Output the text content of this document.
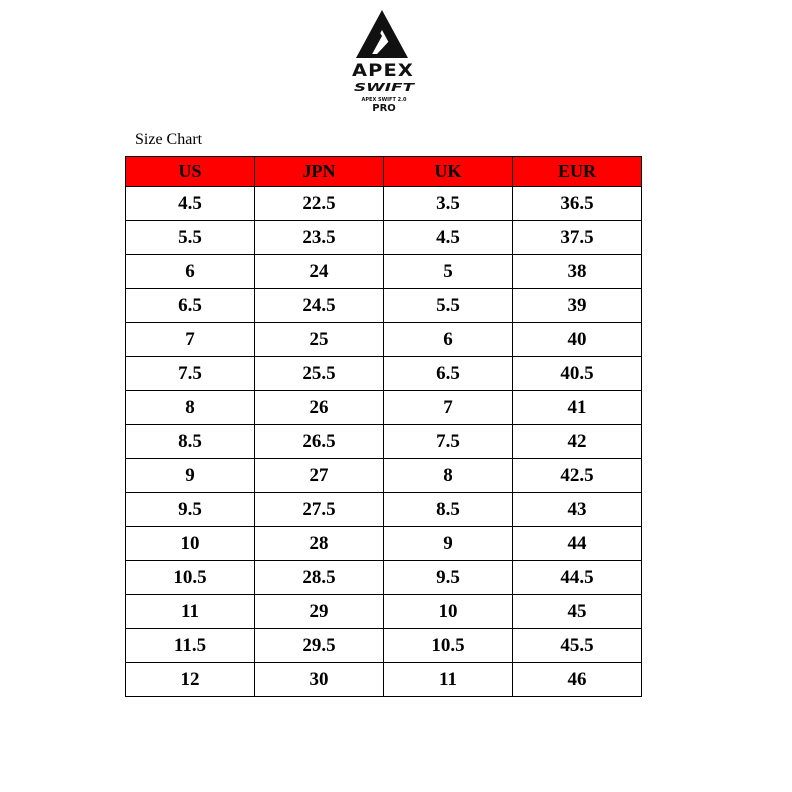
APEX
SWIFT
APEX SWIFT 2.0
PRO
Size Chart
US	JPN	UK	EUR
4.5	22.5	3.5	36.5
5.5	23.5	4.5	37.5
6	24	5	38
6.5	24.5	5.5	39
7	25	6	40
7.5	25.5	6.5	40.5
8	26	7	41
8.5	26.5	7.5	42
9	27	8	42.5
9.5	27.5	8.5	43
10	28	9	44
10.5	28.5	9.5	44.5
11	29	10	45
11.5	29.5	10.5	45.5
12	30	11	46
